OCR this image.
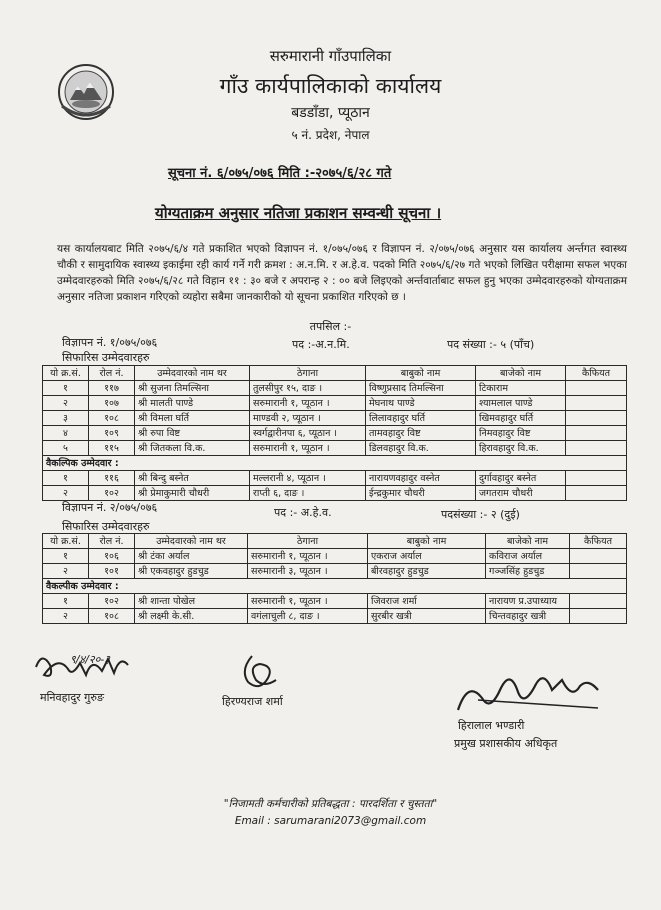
सरुमारानी गाँउपालिका
गाँउ कार्यपालिकाको कार्यालय
बडडाँडा, प्यूठान
५ नं. प्रदेश, नेपाल
सूचना नं. ६/०७५/०७६ मिति :-२०७५/६/२८ गते
योग्यताक्रम अनुसार नतिजा प्रकाशन सम्वन्धी सूचना ।
यस कार्यालयबाट मिति २०७५/६/४ गते प्रकाशित भएको विज्ञापन नं. १/०७५/०७६ र विज्ञापन नं. २/०७५/०७६ अनुसार यस कार्यालय अर्न्तगत स्वास्थ्य चौकी र सामुदायिक स्वास्थ्य इकाईमा रही कार्य गर्ने गरी क्रमश : अ.न.मि. र अ.हे.व. पदको मिति २०७५/६/२७ गते भएको लिखित परीक्षामा सफल भएका उम्मेदवारहरुको मिति २०७५/६/२८ गते विहान ११ : ३० बजे र अपरान्ह २ : ०० बजे लिइएको अर्न्तवार्ताबाट सफल हुनु भएका उम्मेदवारहरुको योग्यताक्रम अनुसार नतिजा प्रकाशन गरिएको व्यहोरा सबैमा जानकारीको यो सूचना प्रकाशित गरिएको छ ।
तपसिल :-
विज्ञापन नं. १/०७५/०७६	पद :-अ.न.मि.	पद संख्या :- ५ (पाँच)
सिफारिस उम्मेदवारहरु
यो क्र.सं.	रोल नं.	उम्मेदवारको नाम थर	ठेगाना	बाबुको नाम	बाजेको नाम	कैफियत
१	११७	श्री सुजना तिमल्सिना	तुलसीपुर १५, दाङ ।	विष्णुप्रसाद तिमल्सिना	टिकाराम	
२	१०७	श्री मालती पाण्डे	सरुमारानी १, प्यूठान ।	मेघनाथ पाण्डे	श्यामलाल पाण्डे	
३	१०८	श्री विमला घर्ति	माण्डवी २, प्यूठान ।	लिलावहादुर घर्ति	खिमवहादुर घर्ति	
४	१०९	श्री रुपा विष्ट	स्वर्गद्वारीनपा ६, प्यूठान ।	तामवहादुर विष्ट	निमवहादुर विष्ट	
५	११५	श्री जितकला वि.क.	सरुमारानी १, प्यूठान ।	डिलवहादुर वि.क.	हिरावहादुर वि.क.	
वैकल्पिक उम्मेदवार :						
१	११६	श्री बिन्दु बस्नेत	मल्लरानी ४, प्यूठान ।	नारायणवहादुर वस्नेत	दुर्गावहादुर बस्नेत	
२	१०२	श्री प्रेमाकुमारी चौधरी	राप्ती ६, दाङ ।	ईन्द्रकुमार चौधरी	जगतराम चौधरी	
विज्ञापन नं. २/०७५/०७६	पद :- अ.हे.व.	पदसंख्या :- २ (दुई)
सिफारिस उम्मेदवारहरु
यो क्र.सं.	रोल नं.	उम्मेदवारको नाम थर	ठेगाना	बाबुको नाम	बाजेको नाम	कैफियत
१	१०६	श्री टंका अर्याल	सरुमारानी १, प्यूठान ।	एकराज अर्याल	कविराज अर्याल	
२	१०१	श्री एकवहादुर हुडचुड	सरुमारानी ३, प्यूठान ।	बीरवहादुर हुडचुड	गञ्जसिंह हुडचुड	
वैकल्पीक उम्मेदवार :						
१	१०२	श्री शान्ता पोखेल	सरुमारानी १, प्यूठान ।	जिवराज शर्मा	नारायण प्र.उपाध्याय	
२	१०८	श्री लक्ष्मी के.सी.	वगंलाचुली ८, दाङ ।	सुरबीर खत्री	चिन्तवहादुर खत्री	
९/४/२०-३
मनिवहादुर गुरुङ	हिरण्यराज शर्मा
हिरालाल भण्डारी
प्रमुख प्रशासकीय अधिकृत
"निजामती कर्मचारीको प्रतिबद्धता : पारदर्शिता र चुस्तता"
Email : sarumarani2073@gmail.com
